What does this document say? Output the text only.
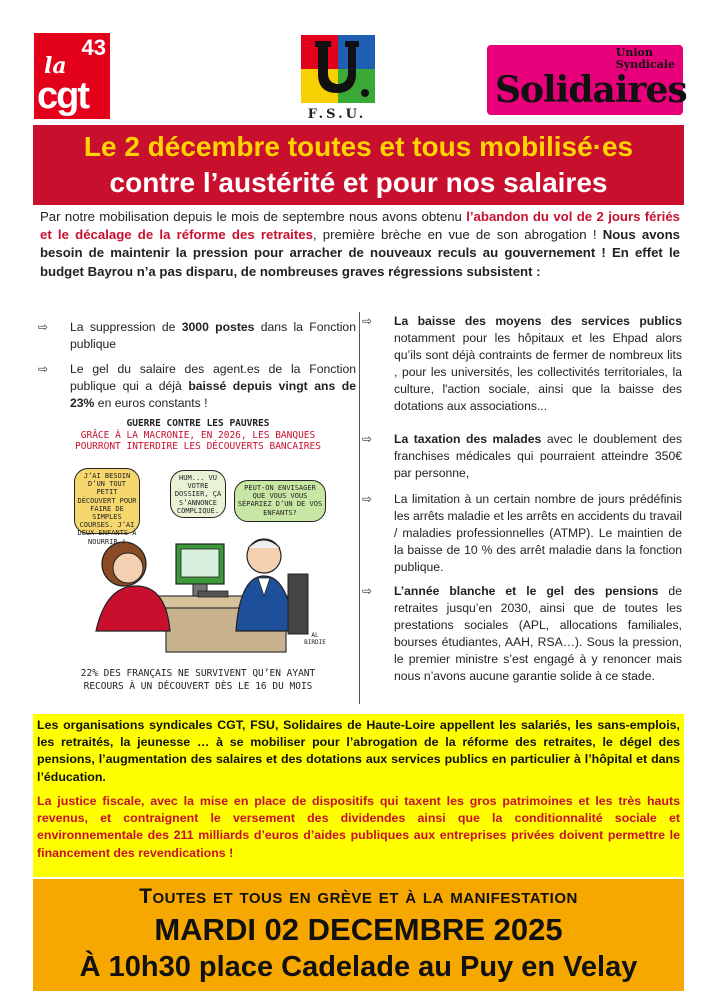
43
la
cgt	F.S.U.
Union
Syndicale
Solidaires
Le 2 décembre toutes et tous mobilisé·es
contre l’austérité et pour nos salaires
Par notre mobilisation depuis le mois de septembre nous avons obtenu l’abandon du vol de 2 jours fériés et le décalage de la réforme des retraites, première brèche en vue de son abrogation ! Nous avons besoin de maintenir la pression pour arracher de nouveaux reculs au gouvernement ! En effet le budget Bayrou n’a pas disparu, de nombreuses graves régressions subsistent :
⇨ La suppression de 3000 postes dans la Fonction publique
⇨ Le gel du salaire des agent.es de la Fonction publique qui a déjà baissé depuis vingt ans de 23% en euros constants !
GUERRE CONTRE LES PAUVRES
GRÂCE À LA MACRONIE, EN 2026, LES BANQUES
POURRONT INTERDIRE LES DÉCOUVERTS BANCAIRES
J’AI BESOIN D’UN TOUT PETIT DÉCOUVERT POUR FAIRE DE SIMPLES COURSES. J’AI DEUX ENFANTS À NOURRIR !
HUM... VU VOTRE DOSSIER, ÇA S’ANNONCE COMPLIQUÉ.
PEUT-ON ENVISAGER QUE VOUS VOUS SÉPARIEZ D’UN DE VOS ENFANTS?
AL BIRDIE
22% DES FRANÇAIS NE SURVIVENT QU’EN AYANT
RECOURS À UN DÉCOUVERT DÈS LE 16 DU MOIS
⇨ La baisse des moyens des services publics notamment pour les hôpitaux et les Ehpad alors qu’ils sont déjà contraints de fermer de nombreux lits , pour les universités, les collectivités territoriales, la culture, l'action sociale, ainsi que la baisse des dotations aux associations...
⇨ La taxation des malades avec le doublement des franchises médicales qui pourraient atteindre 350€ par personne,
⇨ La limitation à un certain nombre de jours prédéfinis les arrêts maladie et les arrêts en accidents du travail / maladies professionnelles (ATMP). Le maintien de la baisse de 10 % des arrêt maladie dans la fonction publique.
⇨ L’année blanche et le gel des pensions de retraites jusqu’en 2030, ainsi que de toutes les prestations sociales (APL, allocations familiales, bourses étudiantes, AAH, RSA…). Sous la pression, le premier ministre s’est engagé à y renoncer mais nous n’avons aucune garantie solide à ce stade.
Les organisations syndicales CGT, FSU, Solidaires de Haute-Loire appellent les salariés, les sans-emplois, les retraités, la jeunesse … à se mobiliser pour l’abrogation de la réforme des retraites, le dégel des pensions, l’augmentation des salaires et des dotations aux services publics en particulier à l’hôpital et dans l’éducation.
La justice fiscale, avec la mise en place de dispositifs qui taxent les gros patrimoines et les très hauts revenus, et contraignent le versement des dividendes ainsi que la conditionnalité sociale et environnementale des 211 milliards d’euros d’aides publiques aux entreprises privées doivent permettre le financement des revendications !
Toutes et tous en grève et à la manifestation
MARDI 02 DECEMBRE 2025
À 10h30 place Cadelade au Puy en Velay
